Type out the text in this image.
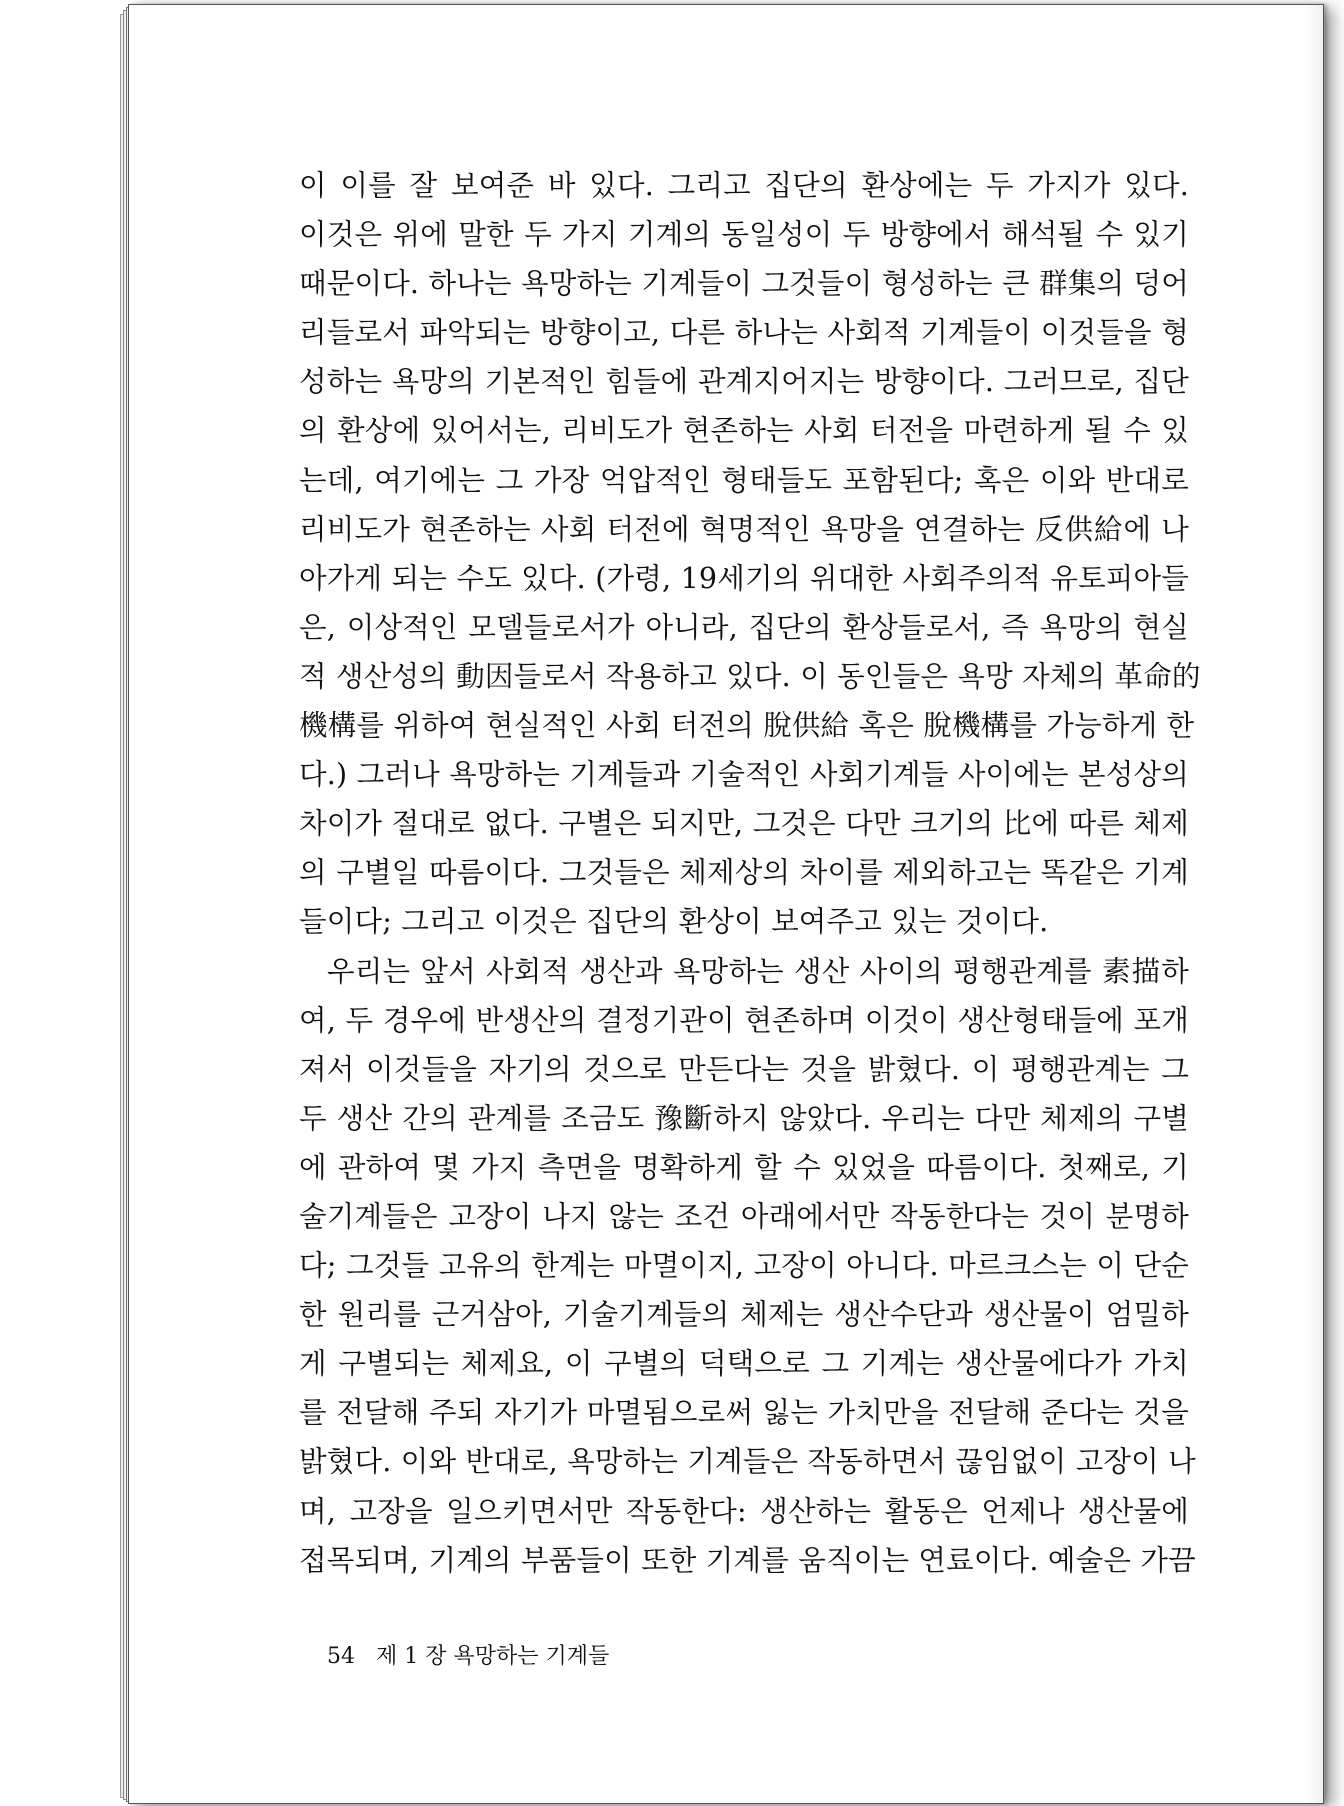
이 이를 잘 보여준 바 있다. 그리고 집단의 환상에는 두 가지가 있다.
이것은 위에 말한 두 가지 기계의 동일성이 두 방향에서 해석될 수 있기
때문이다. 하나는 욕망하는 기계들이 그것들이 형성하는 큰 群集의 덩어
리들로서 파악되는 방향이고, 다른 하나는 사회적 기계들이 이것들을 형
성하는 욕망의 기본적인 힘들에 관계지어지는 방향이다. 그러므로, 집단
의 환상에 있어서는, 리비도가 현존하는 사회 터전을 마련하게 될 수 있
는데, 여기에는 그 가장 억압적인 형태들도 포함된다; 혹은 이와 반대로
리비도가 현존하는 사회 터전에 혁명적인 욕망을 연결하는 反供給에 나
아가게 되는 수도 있다. (가령, 19세기의 위대한 사회주의적 유토피아들
은, 이상적인 모델들로서가 아니라, 집단의 환상들로서, 즉 욕망의 현실
적 생산성의 動因들로서 작용하고 있다. 이 동인들은 욕망 자체의 革命的
機構를 위하여 현실적인 사회 터전의 脫供給 혹은 脫機構를 가능하게 한
다.) 그러나 욕망하는 기계들과 기술적인 사회기계들 사이에는 본성상의
차이가 절대로 없다. 구별은 되지만, 그것은 다만 크기의 比에 따른 체제
의 구별일 따름이다. 그것들은 체제상의 차이를 제외하고는 똑같은 기계
들이다; 그리고 이것은 집단의 환상이 보여주고 있는 것이다.
우리는 앞서 사회적 생산과 욕망하는 생산 사이의 평행관계를 素描하
여, 두 경우에 반생산의 결정기관이 현존하며 이것이 생산형태들에 포개
져서 이것들을 자기의 것으로 만든다는 것을 밝혔다. 이 평행관계는 그
두 생산 간의 관계를 조금도 豫斷하지 않았다. 우리는 다만 체제의 구별
에 관하여 몇 가지 측면을 명확하게 할 수 있었을 따름이다. 첫째로, 기
술기계들은 고장이 나지 않는 조건 아래에서만 작동한다는 것이 분명하
다; 그것들 고유의 한계는 마멸이지, 고장이 아니다. 마르크스는 이 단순
한 원리를 근거삼아, 기술기계들의 체제는 생산수단과 생산물이 엄밀하
게 구별되는 체제요, 이 구별의 덕택으로 그 기계는 생산물에다가 가치
를 전달해 주되 자기가 마멸됨으로써 잃는 가치만을 전달해 준다는 것을
밝혔다. 이와 반대로, 욕망하는 기계들은 작동하면서 끊임없이 고장이 나
며, 고장을 일으키면서만 작동한다: 생산하는 활동은 언제나 생산물에
접목되며, 기계의 부품들이 또한 기계를 움직이는 연료이다. 예술은 가끔
54 제 1 장 욕망하는 기계들
